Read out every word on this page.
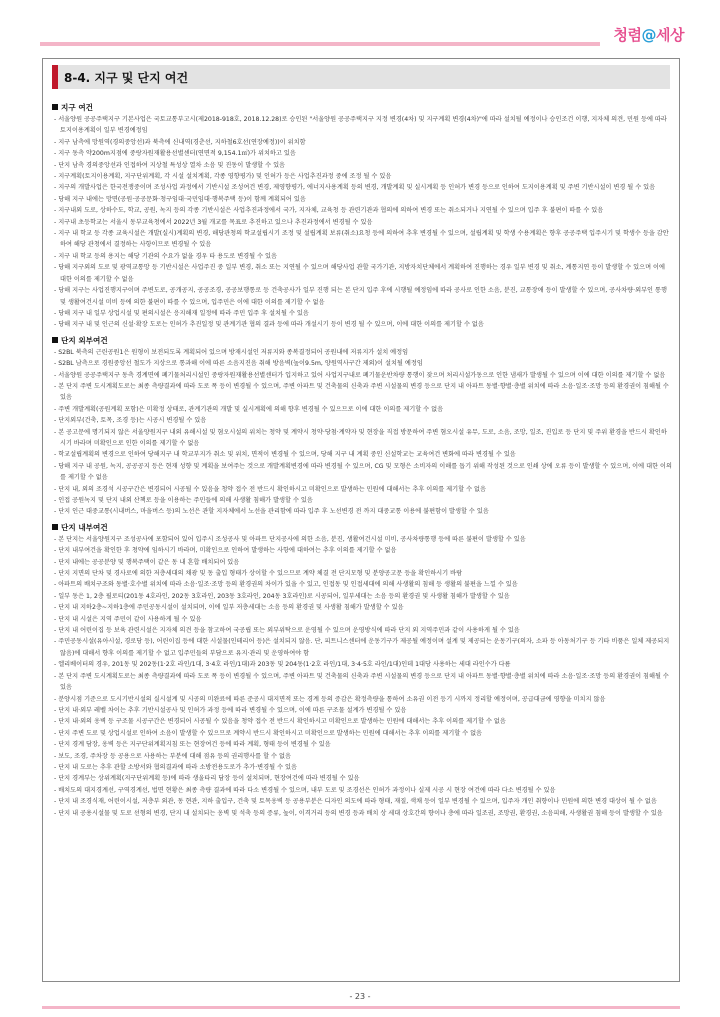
청렴@세상
8-4. 지구 및 단지 여건
지구 여건

- 서울양원 공공주택지구 기본사업은 국토교통부고시(제2018-918호, 2018.12.28)로 승인된 "서울양원 공공주택지구 지정 변경(4차) 및 지구계획 변경(4차)"에 따라 설치될 예정이나 승인조건 이행, 지자체 의견, 민원 등에 따라 토지이용계획이 일부 변경예정임

- 지구 남측에 망원역(경의중앙선)과 북측에 신내역(경춘선, 지하철6호선(연장예정))이 위치함

- 지구 동측 약200m지점에 중랑자원재활용선별센터(연면적 9,154.1㎡)가 위치하고 있음

- 단지 남측 경의중앙선과 인접하여 지상철 특성상 열차 소음 및 진동이 발생할 수 있음

- 지구계획(토지이용계획, 지구단위계획, 각 시설 설치계획, 각종 영향평가) 및 인허가 등은 사업추진과정 중에 조정 될 수 있음

- 지구의 개발사업은 한국전쟁중이며 조성사업 과정에서 기반시설 조성여건 변경, 제영향평가, 에너지사용계획 등의 변경, 개발계획 및 실시계획 등 인허가 변경 등으로 인하여 도지이용계획 및 주변 기반시설이 변경 될 수 있음

- 당해 지구 내에는 망면(공원·공공문화·청구임대·국민임대·행복주택 등)이 함께 계획되어 있음

- 지구내외 도로, 상하수도, 학교, 공원, 녹지 등의 각종 기반시설은 사업추진과정에서 국가, 지자체, 교육청 등 관련기관과 협의에 의하여 변경 또는 취소되거나 지연될 수 있으며 입주 후 불편이 따를 수 있음

- 지구내 초등학교는 서울시 동부교육청에서 2022년 3월 개교를 목표로 추진하고 있으나 추진과정에서 변경될 수 있음

- 지구 내 학교 등 각종 교육시설은 개발(실시)계획의 변경, 해당관청의 학교설립시기 조정 및 설립계획 보류(취소)요청 등에 의하여 추후 변경될 수 있으며, 설립계획 및 학생 수용계획은 향후 공공주택 입주시기 및 학생수 등을 감안하여 해당 관청에서 결정하는 사항이므로 변경될 수 있음

- 지구 내 학교 등의 용지는 해당 기관의 수요가 없을 경우 타 용도로 변경될 수 있음

- 당해 지구외의 도로 및 광역교통망 등 기반시설은 사업주진 중 일부 변경, 취소 또는 지연될 수 있으며 해당사업 관할 국가기관, 지방자치단체에서 계획하여 진행하는 경우 일부 변경 및 취소, 계통지연 등이 발생할 수 있으며 이에 대한 이의를 제기할 수 없음

- 당해 지구는 사업진행지구이며 주변도로, 공개공지, 공공조경, 공공보행통로 등 건축공사가 일부 진행 되는 본 단지 입주 후에 시행될 예정임에 따라 공사로 인한 소음, 분진, 교통장애 등이 발생할 수 있으며, 공사차량·외부인 통행 및 생활여건시설 미비 등에 의한 불편이 따를 수 있으며, 입주민은 이에 대한 이의를 제기할 수 없음

- 당해 지구 내 일부 상업시설 및 편의시설은 응지해재 일정에 따라 주민 입주 후 설치될 수 있음

- 당해 지구 내 및 인근의 신설·확장 도로는 인허가 추진일정 및 관계기관 협의 결과 등에 따라 개설시기 등이 변경 될 수 있으며, 이에 대한 이의를 제기할 수 없음

단지 외부여건

- S2BL 북측의 근린공원1은 원형이 보전되도록 계획되어 있으며 방재시설인 저류지와 종복결정되어 공원내에 저류지가 설치 예정임

- S2BL 남측으로 경원중앙선 철도가 지상으로 통과해 이에 따른 소음지진음 취해 방음벽(높이9.5m, 양원역사구간 제외)이 설치될 예정임

- 서울양원 공공주택지구 동측 경계면에 폐기물처리시설인 중랑자원재활용선별센터가 입지하고 있어 사업지구내로 폐기물운반차량 통행이 잦으며 처리시설가동으로 인한 냄새가 발생될 수 있으며 이에 대한 이의를 제기할 수 없음

- 본 단지 주변 도시계획도로는 최종 측량결과에 따라 도로 폭 등이 변경될 수 있으며, 주변 아파트 및 건축물의 신축과 주변 시설물의 변경 등으로 단지 내 아파트 동별·향별·층별 위치에 따라 소음·일조·조망 등의 환경권이 침해될 수 있음

- 주변 개발계획(공원계획 포함)은 미확정 상태로, 관계기관의 개발 및 실시계획에 의해 향후 변경될 수 있으므로 이에 대한 이의를 제기할 수 없음

- 단지외부(건축, 토목, 조경 등)는 시공시 변경될 수 있음

- 본 공고문에 명기되지 않은 서울양원지구 내외 유해시설 및 혐오시설의 위치는 청약 및 계약시 청약·당첨·계약자 및 현장을 직접 방문하여 주변 혐오시설 유무, 도로, 소음, 조망, 일조, 진입로 등 단지 및 주위 환경을 반드시 확인하시기 바라며 미확인으로 인한 이의를 제기할 수 없음

- 학교설립계획의 변경으로 인하여 당해지구 내 학교부지가 취소 및 위치, 면적이 변경될 수 있으며, 당해 지구 내 계획 중인 신설학교는 교육여건 변화에 따라 변경될 수 있음

- 당해 지구 내 공원, 녹지, 공공공지 등은 현재 성향 및 계획을 보여주는 것으로 개발계획변경에 따라 변경될 수 있으며, CG 및 모형은 소비자의 이해를 돕기 위해 작성된 것으로 인쇄 상에 오류 등이 발생할 수 있으며, 이에 대한 이의를 제기할 수 없음

- 단지 내, 외의 조경석 시공구간은 변경되어 시공될 수 있음을 청약 접수 전 반드시 확인하시고 미확인으로 발생하는 민원에 대해서는 추후 이의를 제기할 수 없음

- 인접 공원녹지 및 단지 내외 산책로 등을 이용하는 주민들에 의해 사생활 침해가 발생할 수 있음

- 단지 인근 대중교통(시내버스, 마을버스 등)의 노선은 관할 지자체에서 노선을 관리함에 따라 입주 후 노선변경 전 까지 대중교통 이용에 불편함이 발생할 수 있음

단지 내부여건

- 본 단지는 서울양원지구 조성공사에 포함되어 있어 입주시 조성공사 및 아파트 단지공사에 의한 소음, 분진, 생활여건시설 미비, 공사차량통행 등에 따른 불편이 발생할 수 있음

- 단지 내부여건을 확인한 후 청약에 임하시기 바라며, 미확인으로 인하여 발생하는 사항에 대하여는 추후 이의를 제기할 수 없음

- 단지 내에는 공공분양 및 행복주택이 같은 동 내 혼합 배치되어 있음

- 단지 지면의 단차 및 경사로에 의한 저층세대의 채광 및 동 출입 형태가 상이할 수 있으므로 계약 체결 전 단지모형 및 분양공고문 등을 확인하시기 바람

- 아파트의 배치구조와 동별·호수별 위치에 따라 소음·일조·조망 등의 환경권의 차이가 있을 수 있고, 인접동 및 인접세대에 의해 사생활의 침해 등 생활의 불편을 느낄 수 있음

- 일부 동은 1, 2층 필로티(201동 4호라인, 202동 3호라인, 203동 3호라인, 204동 3호라인)로 시공되어, 일부세대는 소음 등의 환경권 및 사생활 침해가 발생할 수 있음

- 단지 내 지하2층~지하1층에 주민공동시설이 설치되며, 이에 일부 저층세대는 소음 등의 환경권 및 사생활 침해가 발생할 수 있음

- 단지 내 시설은 지역 주민이 같이 사용하게 될 수 있음

- 단지 내 어린이집 등 보육 관련시설은 지자체 의견 등을 참고하여 국공립 또는 외부위탁으로 운영될 수 있으며 운영방식에 따라 단지 외 지역주민과 같이 사용하게 될 수 있음

- 주민공동시설(유아시설, 경로당 등), 어린이집 등에 대한 시설물(인테리어 등)은 설치되지 않음. 단, 피트니스센터에 운동기구가 제공될 예정이며 설계 및 제공되는 운동기구(의자, 소파 등 아동처기구 등 기타 비품은 일체 제공되지 않음)에 대해서 향후 이의를 제기할 수 없고 입주민들의 부담으로 유지·관리 및 운영하여야 함

- 엘리베이터의 경우, 201동 및 202동(1·2호 라인/1대, 3·4호 라인/1대)과 203동 및 204동(1·2호 라인/1대, 3·4·5호 라인/1대)인데 1대당 사용하는 세대 라인수가 다름

- 본 단지 주변 도시계획도로는 최종 측량결과에 따라 도로 폭 등이 변경될 수 있으며, 주변 아파트 및 건축물의 신축과 주변 시설물의 변경 등으로 단지 내 아파트 동별·향별·층별 위치에 따라 소음·일조·조망 등의 환경권이 침해될 수 있음

- 분양시점 기준으로 도시기반시설의 실시설계 및 시공의 미완료에 따른 준공시 대지면적 또는 경계 등의 증감은 확정측량을 통하여 소유권 이전 등기 시까지 정리할 예정이며, 공급대금에 영향을 미치지 않음

- 단지 내·외부 레벨 차이는 추후 기반시설공사 및 인허가 과정 등에 따라 변경될 수 있으며, 이에 따른 구조물 설계가 변경될 수 있음

- 단지 내·외의 옹벽 등 구조물 시공구간은 변경되어 시공될 수 있음을 청약 접수 전 반드시 확인하시고 미확인으로 발생하는 민원에 대해서는 추후 이의를 제기할 수 없음

- 단지 주변 도로 및 상업시설로 인하여 소음이 발생할 수 있으므로 계약시 반드시 확인하시고 미확인으로 발생하는 민원에 대해서는 추후 이의를 제기할 수 없음

- 단지 경계 담장, 옹벽 등은 지구단위계획지침 또는 현장여건 등에 따라 계획, 형태 등이 변경될 수 있음

- 보도, 조경, 주차장 등 공용으로 사용하는 부분에 대해 점유 등의 권리행사를 할 수 없음

- 단지 내 도로는 추후 관할 소방서와 협의결과에 따라 소방전용도로가 추가·변경될 수 있음

- 단지 경계부는 상위계획(지구단위계획 등)에 따라 생울타리 담장 등이 설치되며, 현장여건에 따라 변경될 수 있음

- 배치도의 대지경계선, 구역경계선, 법면 현황은 최종 측량 결과에 따라 다소 변경될 수 있으며, 내부 도로 및 조경선은 인허가 과정이나 실제 시공 시 현장 여건에 따라 다소 변경될 수 있음

- 단지 내 조경식재, 어린이시설, 저층부 외관, 동 현관, 지하 출입구, 건축 및 토목옹벽 등 공용부분은 디자인 의도에 따라 형태, 재질, 색채 등이 일부 변경될 수 있으며, 입주자 개인 취향이나 민원에 의한 변경 대상이 될 수 없음

- 단지 내 공용시설물 및 도로 선형의 변경, 단지 내 설치되는 옹벽 및 석축 등의 증류, 높이, 이격거리 등의 변경 등과 배치 상 세대 상호간의 향이나 층에 따라 일조권, 조망권, 환경권, 소음피해, 사생활권 침해 등이 발생할 수 있음

- 23 -
